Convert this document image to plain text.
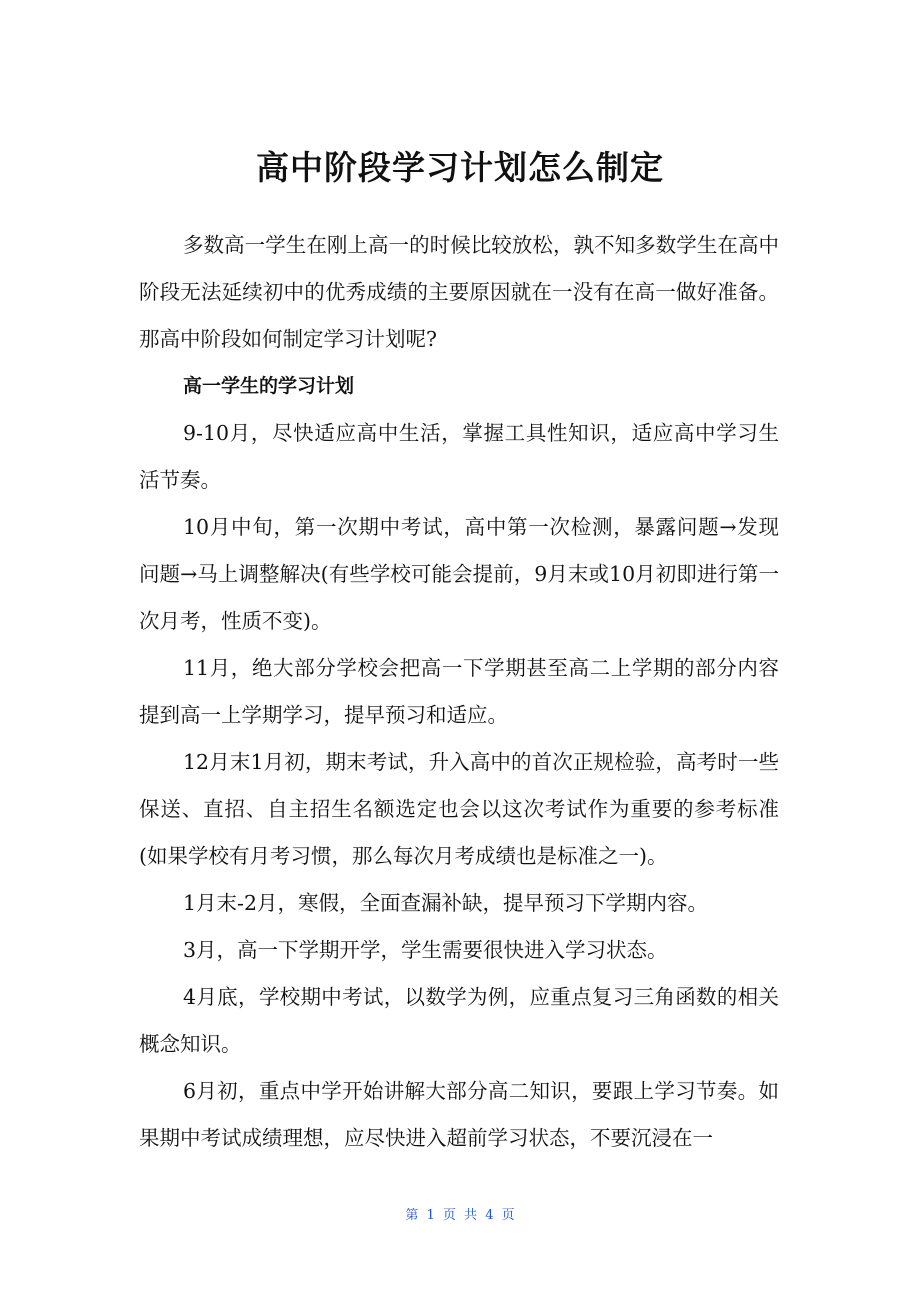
高中阶段学习计划怎么制定

多数高一学生在刚上高一的时候比较放松，孰不知多数学生在高中阶段无法延续初中的优秀成绩的主要原因就在一没有在高一做好准备。那高中阶段如何制定学习计划呢?

高一学生的学习计划

9-10月，尽快适应高中生活，掌握工具性知识，适应高中学习生活节奏。

10月中旬，第一次期中考试，高中第一次检测，暴露问题→发现问题→马上调整解决(有些学校可能会提前，9月末或10月初即进行第一次月考，性质不变)。

11月，绝大部分学校会把高一下学期甚至高二上学期的部分内容提到高一上学期学习，提早预习和适应。

12月末1月初，期末考试，升入高中的首次正规检验，高考时一些保送、直招、自主招生名额选定也会以这次考试作为重要的参考标准(如果学校有月考习惯，那么每次月考成绩也是标准之一)。

1月末-2月，寒假，全面查漏补缺，提早预习下学期内容。

3月，高一下学期开学，学生需要很快进入学习状态。

4月底，学校期中考试，以数学为例，应重点复习三角函数的相关概念知识。

6月初，重点中学开始讲解大部分高二知识，要跟上学习节奏。如果期中考试成绩理想，应尽快进入超前学习状态，不要沉浸在一

第 1 页 共 4 页
